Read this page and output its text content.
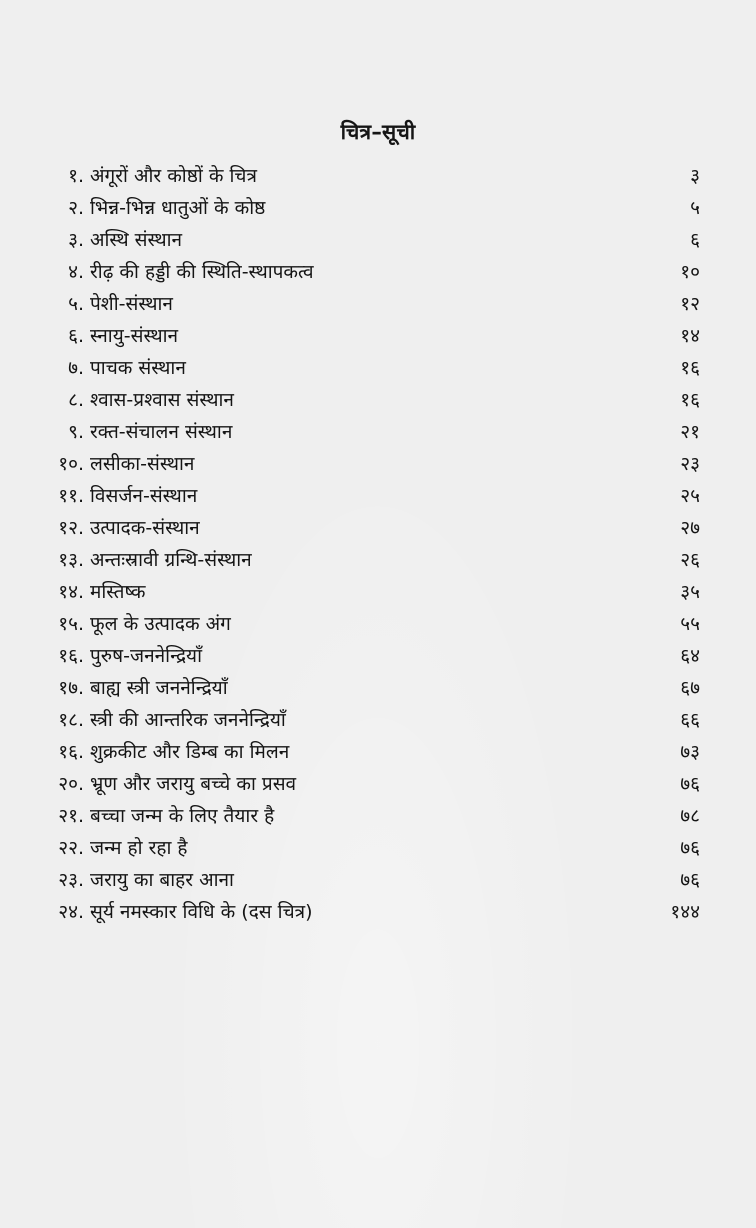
चित्र–सूची
१. अंगूरों और कोष्ठों के चित्र	३
२. भिन्न-भिन्न धातुओं के कोष्ठ	५
३. अस्थि संस्थान	६
४. रीढ़ की हड्डी की स्थिति-स्थापकत्व	१०
५. पेशी-संस्थान	१२
६. स्नायु-संस्थान	१४
७. पाचक संस्थान	१६
८. श्वास-प्रश्वास संस्थान	१६
९. रक्त-संचालन संस्थान	२१
१०. लसीका-संस्थान	२३
११. विसर्जन-संस्थान	२५
१२. उत्पादक-संस्थान	२७
१३. अन्तःस्रावी ग्रन्थि-संस्थान	२६
१४. मस्तिष्क	३५
१५. फूल के उत्पादक अंग	५५
१६. पुरुष-जननेन्द्रियाँ	६४
१७. बाह्य स्त्री जननेन्द्रियाँ	६७
१८. स्त्री की आन्तरिक जननेन्द्रियाँ	६६
१६. शुक्रकीट और डिम्ब का मिलन	७३
२०. भ्रूण और जरायु बच्चे का प्रसव	७६
२१. बच्चा जन्म के लिए तैयार है	७८
२२. जन्म हो रहा है	७६
२३. जरायु का बाहर आना	७६
२४. सूर्य नमस्कार विधि के (दस चित्र)	१४४
